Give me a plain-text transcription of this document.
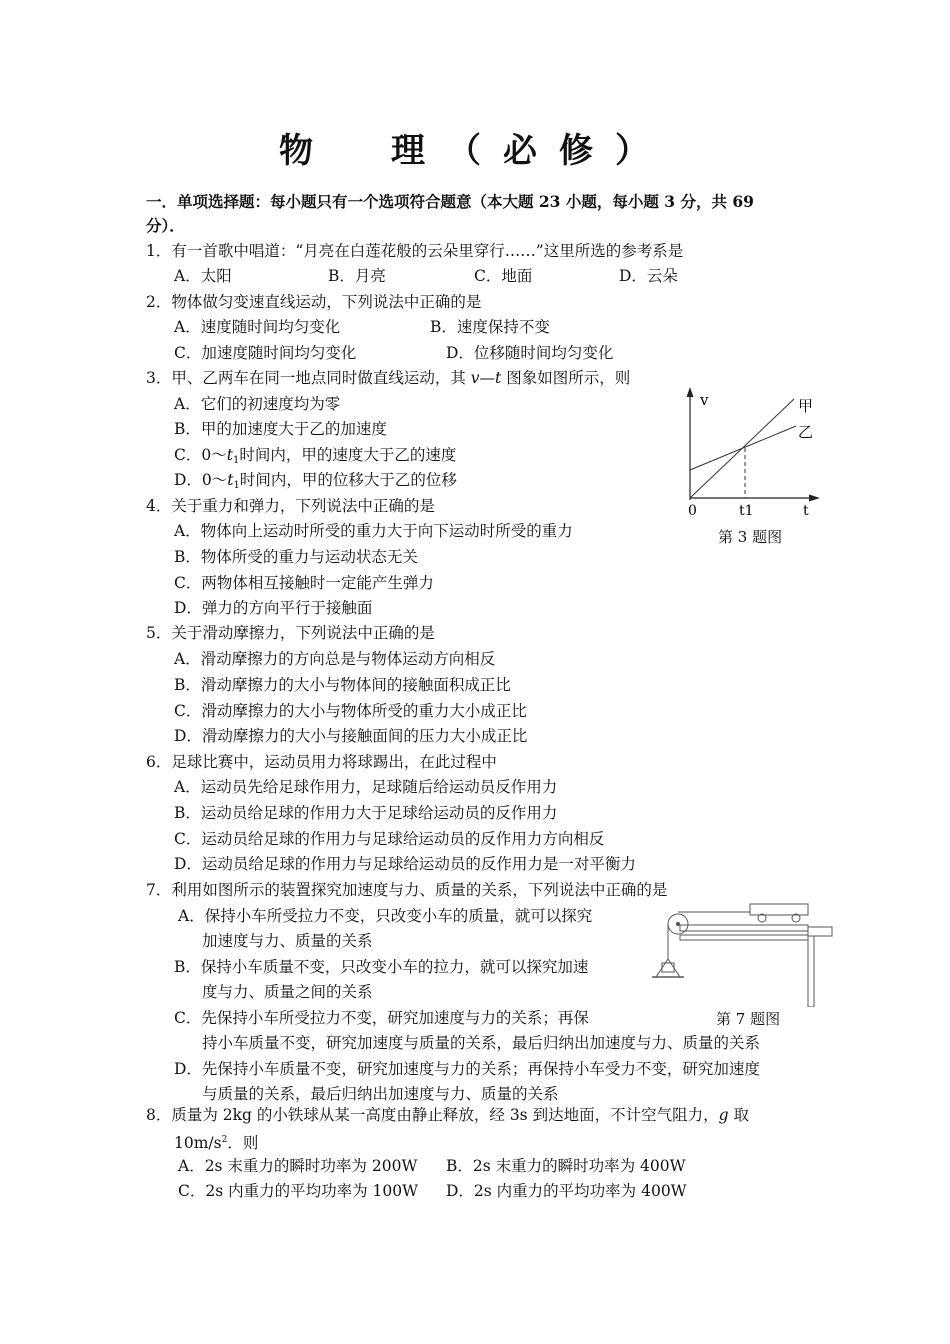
物　理（必修）
一．单项选择题：每小题只有一个选项符合题意（本大题 23 小题，每小题 3 分，共 69
分）．
1．有一首歌中唱道：“月亮在白莲花般的云朵里穿行……”这里所选的参考系是
A．太阳	B．月亮	C．地面	D．云朵
2．物体做匀变速直线运动，下列说法中正确的是
A．速度随时间均匀变化	B．速度保持不变
C．加速度随时间均匀变化	D．位移随时间均匀变化
3．甲、乙两车在同一地点同时做直线运动，其 v—t 图象如图所示，则
A．它们的初速度均为零
B．甲的加速度大于乙的加速度
C．$0\sim t_1$时间内，甲的速度大于乙的速度
D．$0\sim t_1$时间内，甲的位移大于乙的位移
v	甲
乙
0	t1	t
第 3 题图
4．关于重力和弹力，下列说法中正确的是
A．物体向上运动时所受的重力大于向下运动时所受的重力
B．物体所受的重力与运动状态无关
C．两物体相互接触时一定能产生弹力
D．弹力的方向平行于接触面
5．关于滑动摩擦力，下列说法中正确的是
A．滑动摩擦力的方向总是与物体运动方向相反
B．滑动摩擦力的大小与物体间的接触面积成正比
C．滑动摩擦力的大小与物体所受的重力大小成正比
D．滑动摩擦力的大小与接触面间的压力大小成正比
6．足球比赛中，运动员用力将球踢出，在此过程中
A．运动员先给足球作用力，足球随后给运动员反作用力
B．运动员给足球的作用力大于足球给运动员的反作用力
C．运动员给足球的作用力与足球给运动员的反作用力方向相反
D．运动员给足球的作用力与足球给运动员的反作用力是一对平衡力
7．利用如图所示的装置探究加速度与力、质量的关系，下列说法中正确的是
A．保持小车所受拉力不变，只改变小车的质量，就可以探究
加速度与力、质量的关系
B．保持小车质量不变，只改变小车的拉力，就可以探究加速
度与力、质量之间的关系
C．先保持小车所受拉力不变，研究加速度与力的关系；再保
持小车质量不变，研究加速度与质量的关系，最后归纳出加速度与力、质量的关系
D．先保持小车质量不变，研究加速度与力的关系；再保持小车受力不变，研究加速度
与质量的关系，最后归纳出加速度与力、质量的关系
第 7 题图
8．质量为 2kg 的小铁球从某一高度由静止释放，经 3s 到达地面，不计空气阻力，g 取
$10m/s^2$．则
A．2s 末重力的瞬时功率为 200W B．2s 末重力的瞬时功率为 400W
C．2s 内重力的平均功率为 100W D．2s 内重力的平均功率为 400W
